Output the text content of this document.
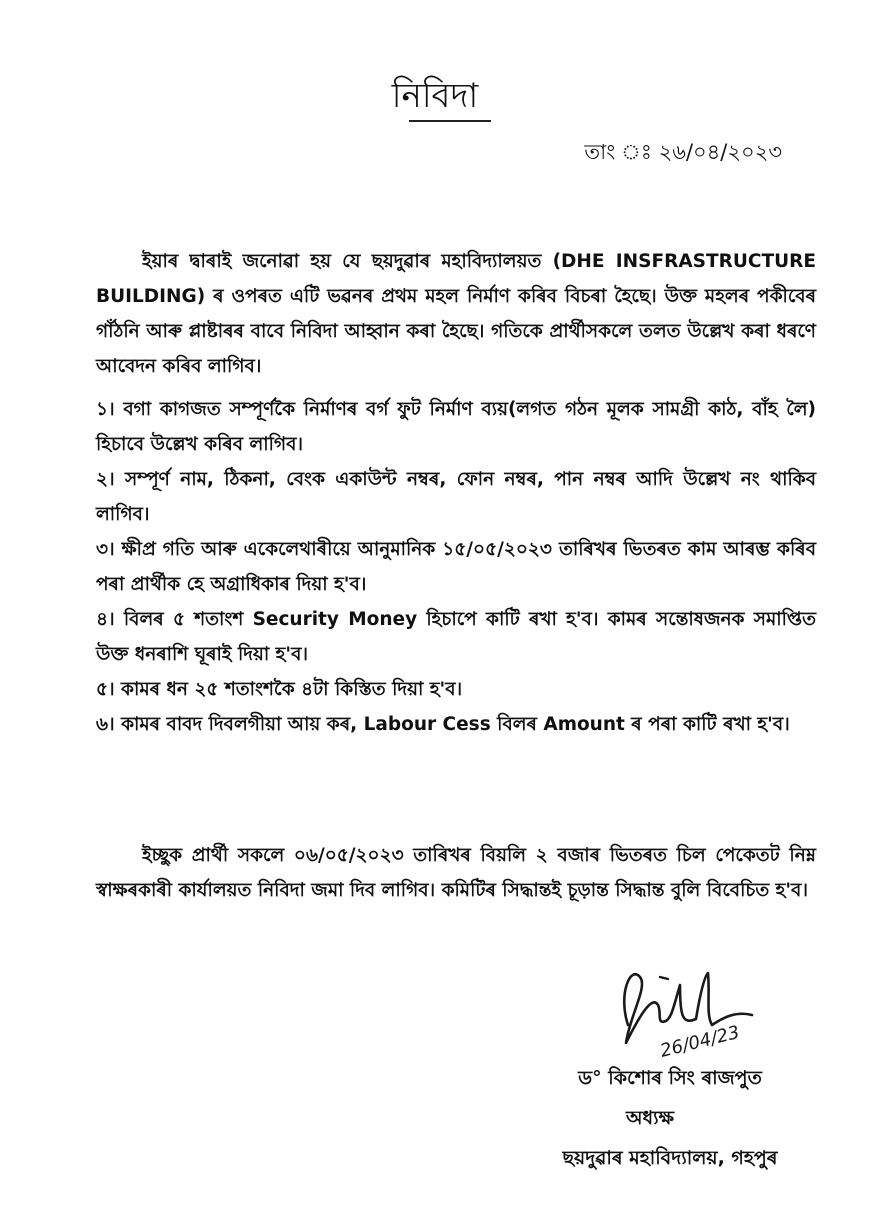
নিবিদা
তাং ঃ ২৬/০৪/২০২৩
ইয়াৰ দ্বাৰাই জনোৱা হয় যে ছয়দুৱাৰ মহাবিদ্যালয়ত (DHE INSFRASTRUCTURE BUILDING) ৰ ওপৰত এটি ভৱনৰ প্ৰথম মহল নিৰ্মাণ কৰিব বিচৰা হৈছে। উক্ত মহলৰ পকীবেৰ গাঁঠনি আৰু প্লাষ্টাৰৰ বাবে নিবিদা আহ্বান কৰা হৈছে। গতিকে প্ৰাৰ্থীসকলে তলত উল্লেখ কৰা ধৰণে আবেদন কৰিব লাগিব।

১। বগা কাগজত সম্পূৰ্ণকৈ নিৰ্মাণৰ বৰ্গ ফুট নিৰ্মাণ ব্যয়(লগত গঠন মূলক সামগ্ৰী কাঠ, বাঁহ লৈ) হিচাবে উল্লেখ কৰিব লাগিব।

২। সম্পূৰ্ণ নাম, ঠিকনা, বেংক একাউন্ট নম্বৰ, ফোন নম্বৰ, পান নম্বৰ আদি উল্লেখ নং থাকিব লাগিব।

৩। ক্ষীপ্ৰ গতি আৰু একেলেথাৰীয়ে আনুমানিক ১৫/০৫/২০২৩ তাৰিখৰ ভিতৰত কাম আৰম্ভ কৰিব পৰা প্ৰাৰ্থীক হে অগ্ৰাধিকাৰ দিয়া হ'ব।

৪। বিলৰ ৫ শতাংশ Security Money হিচাপে কাটি ৰখা হ'ব। কামৰ সন্তোষজনক সমাপ্তিত উক্ত ধনৰাশি ঘূৰাই দিয়া হ'ব।

৫। কামৰ ধন ২৫ শতাংশকৈ ৪টা কিস্তিত দিয়া হ'ব।

৬। কামৰ বাবদ দিবলগীয়া আয় কৰ, Labour Cess বিলৰ Amount ৰ পৰা কাটি ৰখা হ'ব।

ইচ্ছুক প্ৰাৰ্থী সকলে ০৬/০৫/২০২৩ তাৰিখৰ বিয়লি ২ বজাৰ ভিতৰত চিল পেকেতট নিম্ন স্বাক্ষৰকাৰী কাৰ্যালয়ত নিবিদা জমা দিব লাগিব। কমিটিৰ সিদ্ধান্তই চূড়ান্ত সিদ্ধান্ত বুলি বিবেচিত হ'ব।
26/04/23
ড° কিশোৰ সিং ৰাজপুত
অধ্যক্ষ
ছয়দুৱাৰ মহাবিদ্যালয়, গহপুৰ
